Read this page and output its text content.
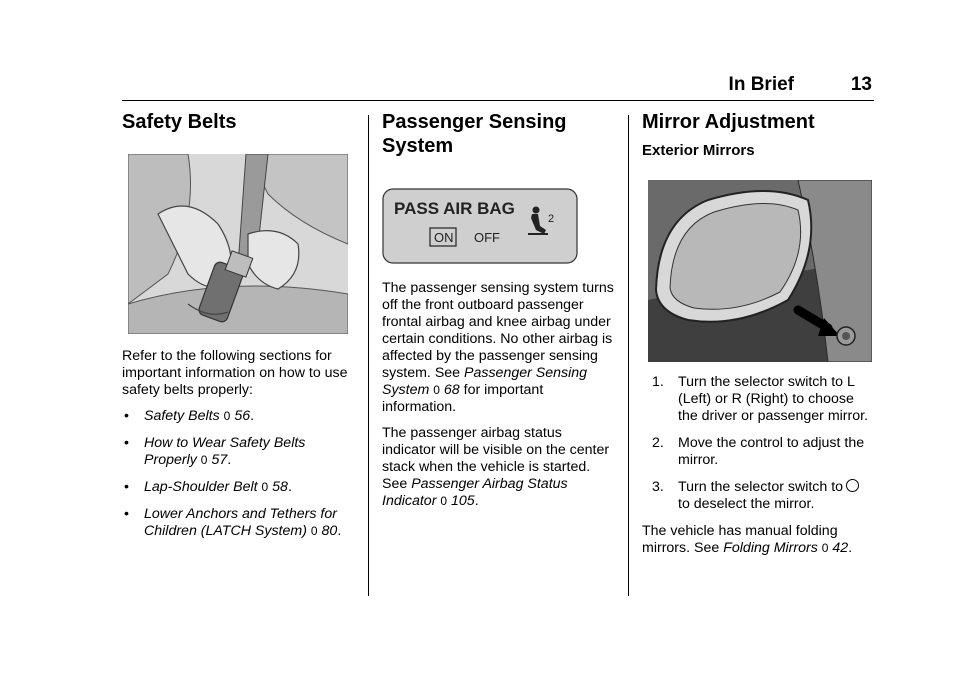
In Brief	13
Safety Belts

Refer to the following sections for important information on how to use safety belts properly:

• Safety Belts 0 56.
• How to Wear Safety Belts Properly 0 57.
• Lap-Shoulder Belt 0 58.
• Lower Anchors and Tethers for Children (LATCH System) 0 80.
Passenger Sensing System
PASS AIR BAG
ON OFF
2

The passenger sensing system turns off the front outboard passenger frontal airbag and knee airbag under certain conditions. No other airbag is affected by the passenger sensing system. See Passenger Sensing System 0 68 for important information.

The passenger airbag status indicator will be visible on the center stack when the vehicle is started. See Passenger Airbag Status Indicator 0 105.

Mirror Adjustment
Exterior Mirrors
1. Turn the selector switch to L (Left) or R (Right) to choose the driver or passenger mirror.
2. Move the control to adjust the mirror.
3. Turn the selector switch to
to deselect the mirror.

The vehicle has manual folding mirrors. See Folding Mirrors 0 42.
